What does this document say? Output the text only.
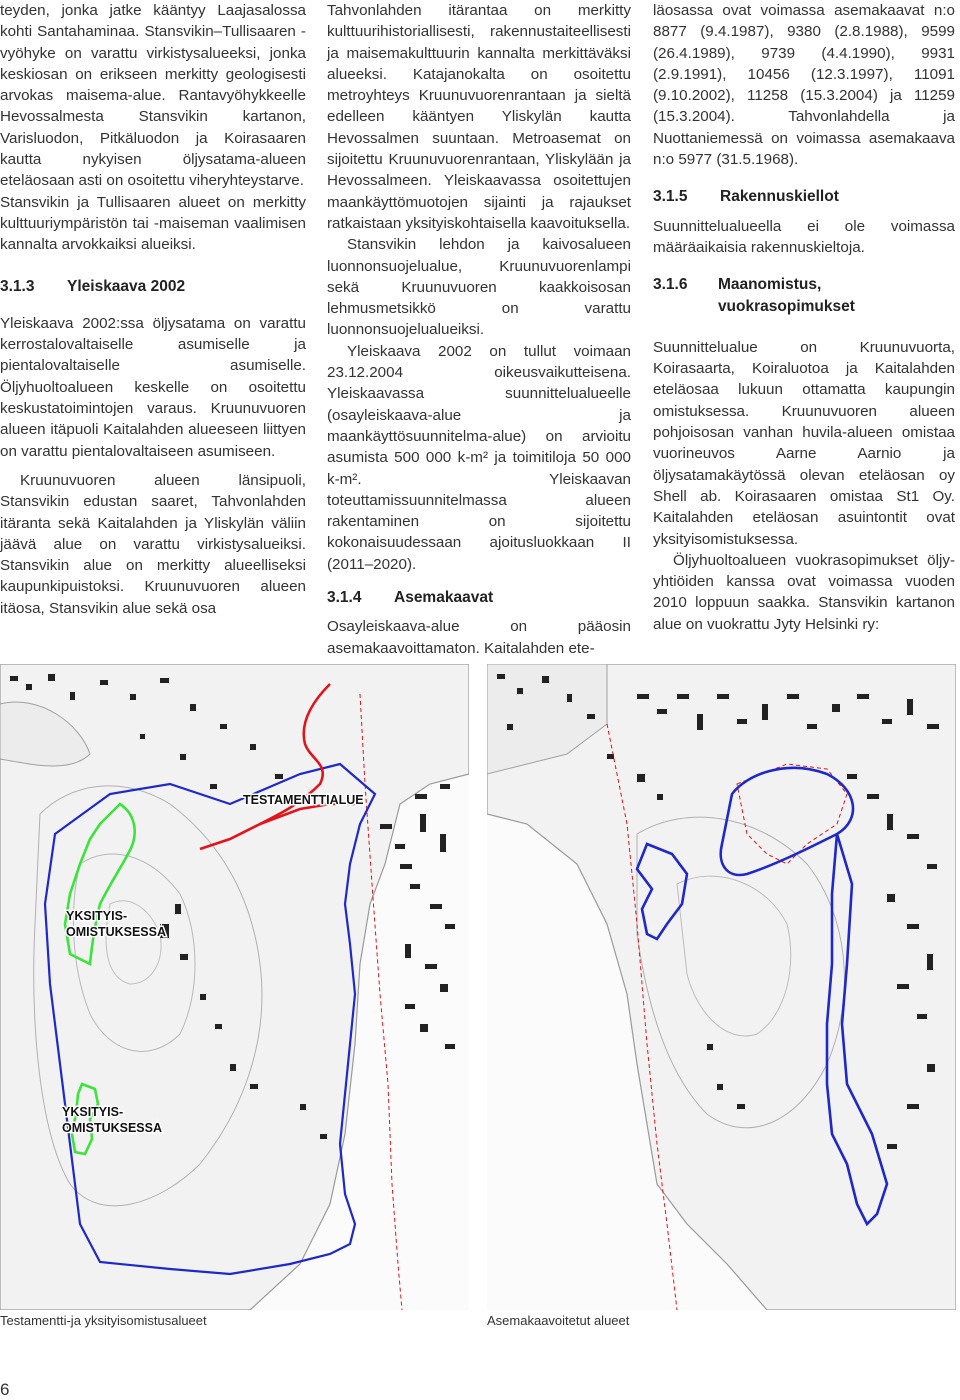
teyden, jonka jatke kääntyy Laajasalossa kohti Santahaminaa. Stansvikin–Tullisaaren -vyöhyke on varattu virkistysalueeksi, jonka keskiosan on erikseen merkitty geologisesti arvokas maisema-alue. Rantavyöhykkeelle Hevossalmesta Stansvikin kartanon, Varisluodon, Pitkäluodon ja Koirasaaren kautta nykyisen öljysatama-alueen eteläosaan asti on osoitettu viheryhteystarve.

Stansvikin ja Tullisaaren alueet on merkitty kulttuuriympäristön tai -maiseman vaalimisen kannalta arvokkaiksi alueiksi.

3.1.3	Yleiskaava 2002

Yleiskaava 2002:ssa öljysatama on varattu kerrostalovaltaiselle asumiselle ja pientalovaltaiselle asumiselle. Öljyhuoltoalueen keskelle on osoitettu keskustatoimintojen varaus. Kruunuvuoren alueen itäpuoli Kaitalahden alueeseen liittyen on varattu pientalovaltaiseen asumiseen.

Kruunuvuoren alueen länsipuoli, Stansvikin edustan saaret, Tahvonlahden itäranta sekä Kaitalahden ja Yliskylän väliin jäävä alue on varattu virkistysalueiksi. Stansvikin alue on merkitty alueelliseksi kaupunkipuistoksi. Kruunuvuoren alueen itäosa, Stansvikin alue sekä osa

Tahvonlahden itärantaa on merkitty kulttuurihistoriallisesti, rakennustaiteellisesti ja maisemakulttuurin kannalta merkittäväksi alueeksi. Katajanokalta on osoitettu metroyhteys Kruunuvuorenrantaan ja sieltä edelleen kääntyen Yliskylän kautta Hevossalmen suuntaan. Metroasemat on sijoitettu Kruunuvuorenrantaan, Yliskylään ja Hevossalmeen. Yleiskaavassa osoitettujen maankäyttömuotojen sijainti ja rajaukset ratkaistaan yksityiskohtaisella kaavoituksella.

Stansvikin lehdon ja kaivosalueen luonnonsuojelualue, Kruunuvuorenlampi sekä Kruunuvuoren kaakkoisosan lehmusmetsikkö on varattu luonnonsuojelualueiksi.

Yleiskaava 2002 on tullut voimaan 23.12.2004 oikeusvaikutteisena. Yleiskaavassa suunnittelualueelle (osayleiskaava-alue ja maankäyttösuunnitelma-alue) on arvioitu asumista 500 000 k-m² ja toimitiloja 50 000 k-m². Yleiskaavan toteuttamissuunnitelmassa alueen rakentaminen on sijoitettu kokonaisuudessaan ajoitusluokkaan II (2011–2020).

3.1.4	Asemakaavat

Osayleiskaava-alue on pääosin asemakaavoittamaton. Kaitalahden ete-

läosassa ovat voimassa asemakaavat n:o 8877 (9.4.1987), 9380 (2.8.1988), 9599 (26.4.1989), 9739 (4.4.1990), 9931 (2.9.1991), 10456 (12.3.1997), 11091 (9.10.2002), 11258 (15.3.2004) ja 11259 (15.3.2004). Tahvonlahdella ja Nuottaniemessä on voimassa asemakaava n:o 5977 (31.5.1968).

3.1.5	Rakennuskiellot

Suunnittelualueella ei ole voimassa määräaikaisia rakennuskieltoja.

3.1.6	Maanomistus, vuokrasopimukset

Suunnittelualue on Kruunuvuorta, Koirasaarta, Koiraluotoa ja Kaitalahden eteläosaa lukuun ottamatta kaupungin omistuksessa. Kruunuvuoren alueen pohjoisosan vanhan huvila-alueen omistaa vuorineuvos Aarne Aarnio ja öljysatamakäytössä olevan eteläosan oy Shell ab. Koirasaaren omistaa St1 Oy. Kaitalahden eteläosan asuintontit ovat yksityisomistuksessa.

Öljyhuoltoalueen vuokrasopimukset öljy-yhtiöiden kanssa ovat voimassa vuoden 2010 loppuun saakka. Stansvikin kartanon alue on vuokrattu Jyty Helsinki ry:

TESTAMENTTIALUE
YKSITYIS-
OMISTUKSESSA
YKSITYIS-
OMISTUKSESSA
Testamentti-ja yksityisomistusalueet	Asemakaavoitetut alueet
6
